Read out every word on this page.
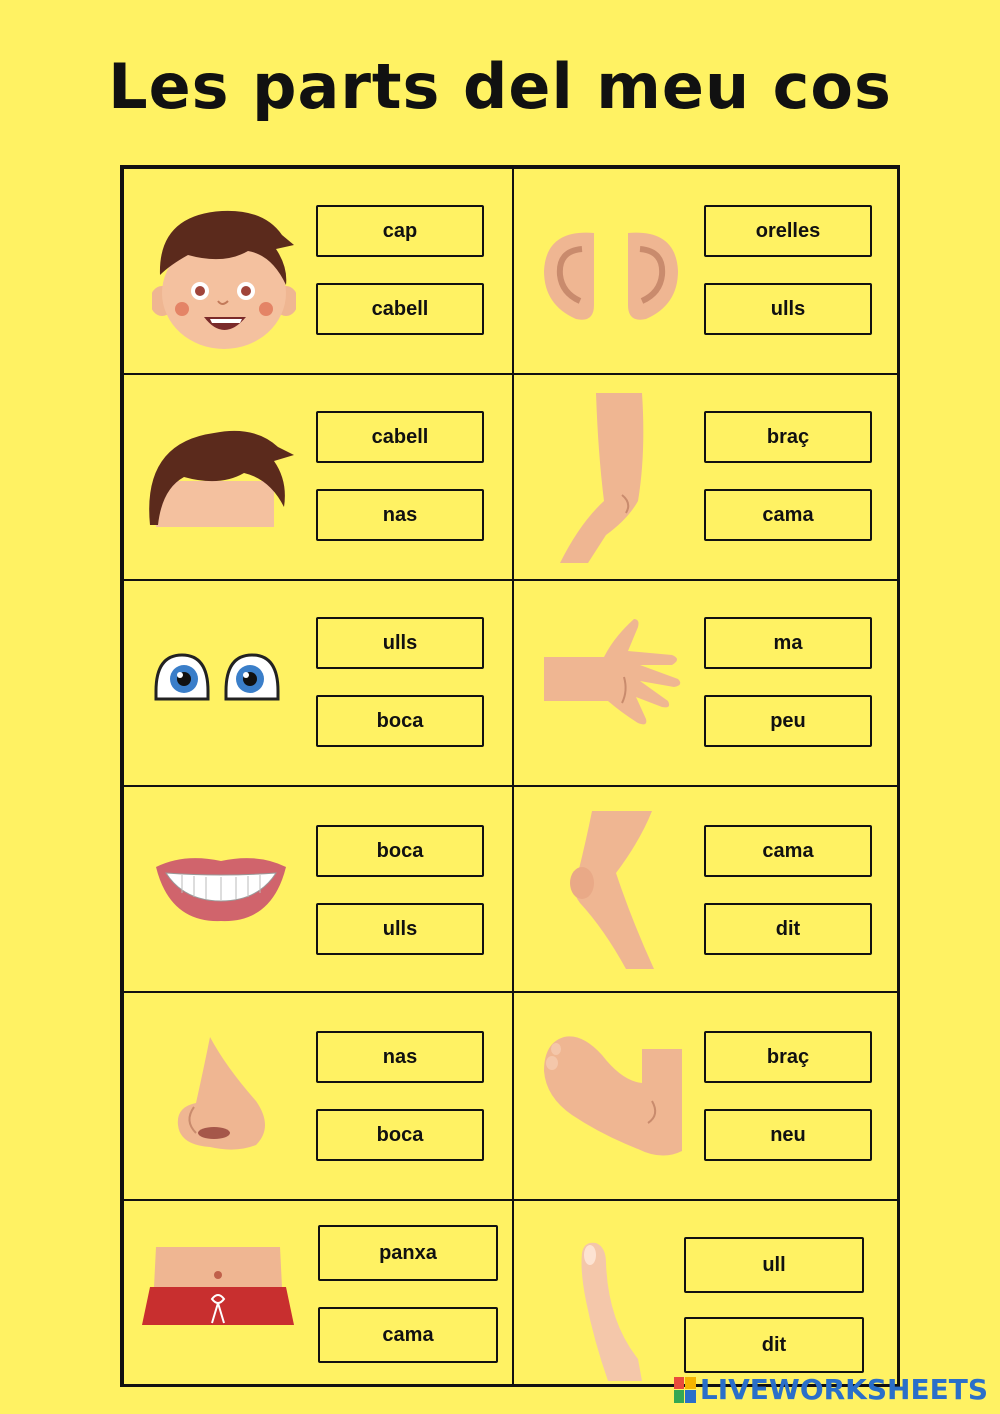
Les parts del meu cos
cap
cabell
orelles
ulls
cabell
nas
braç
cama
ulls
boca
ma
peu
boca
ulls
cama
dit
nas
boca
braç
neu
panxa
cama
ull
dit
LIVEWORKSHEETS
